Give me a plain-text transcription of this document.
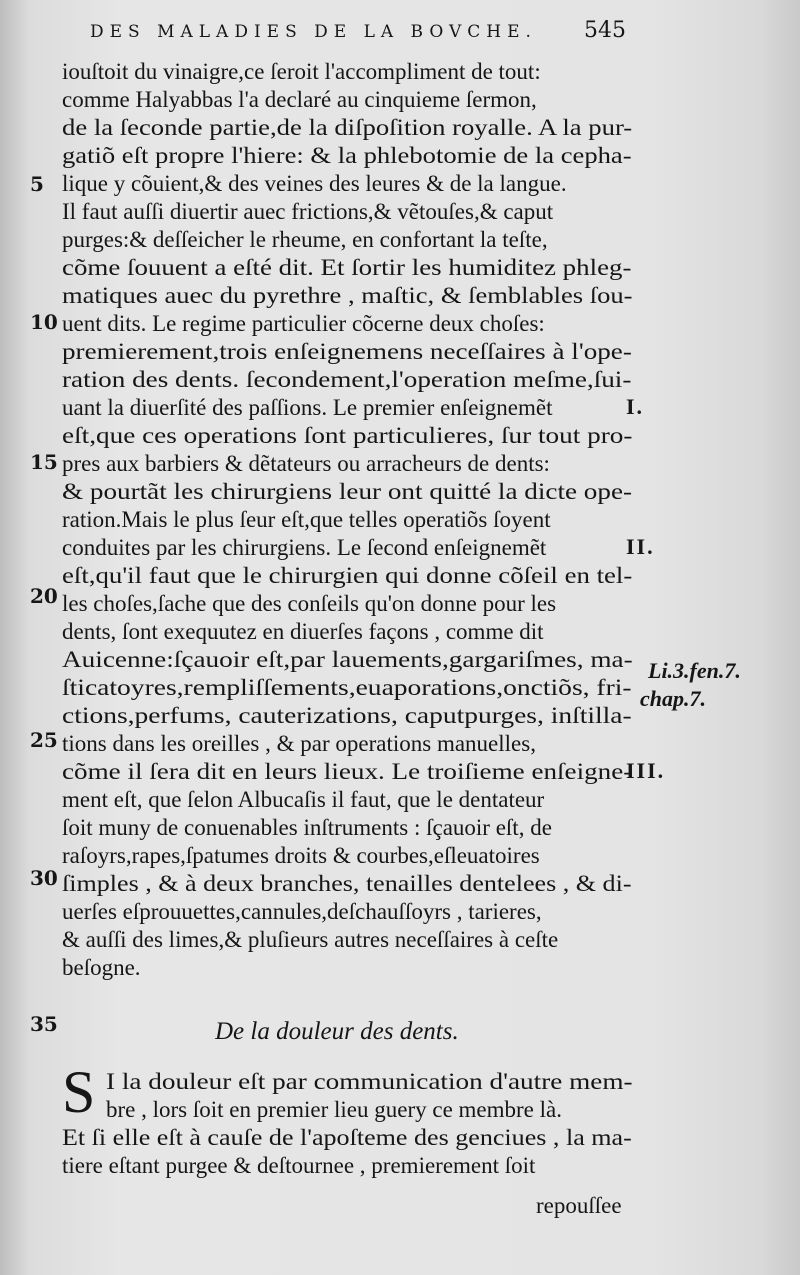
DES MALADIES DE LA BOVCHE.	545
iouſtoit du vinaigre,ce ſeroit l'accompliment de tout:
comme Halyabbas l'a declaré au cinquieme ſermon,
de la ſeconde partie,de la diſpoſition royalle. A la pur-
gatiõ eſt propre l'hiere: & la phlebotomie de la cepha-
lique y cõuient,& des veines des leures & de la langue.
Il faut auſſi diuertir auec frictions,& vẽtouſes,& caput
purges:& deſſeicher le rheume, en confortant la teſte,
cõme ſouuent a eſté dit. Et ſortir les humiditez phleg-
matiques auec du pyrethre , maſtic, & ſemblables ſou-
uent dits. Le regime particulier cõcerne deux choſes:
premierement,trois enſeignemens neceſſaires à l'ope-
ration des dents. ſecondement,l'operation meſme,ſui-
uant la diuerſité des paſſions. Le premier enſeignemẽt
eſt,que ces operations ſont particulieres, ſur tout pro-
pres aux barbiers & dẽtateurs ou arracheurs de dents:
& pourtãt les chirurgiens leur ont quitté la dicte ope-
ration.Mais le plus ſeur eſt,que telles operatiõs ſoyent
conduites par les chirurgiens. Le ſecond enſeignemẽt
eſt,qu'il faut que le chirurgien qui donne cõſeil en tel-
les choſes,ſache que des conſeils qu'on donne pour les
dents, ſont exequutez en diuerſes façons , comme dit
Auicenne:ſçauoir eſt,par lauements,gargariſmes, ma-
ſticatoyres,rempliſſements,euaporations,onctiõs, fri-
ctions,perfums, cauterizations, caputpurges, inſtilla-
tions dans les oreilles , & par operations manuelles,
cõme il ſera dit en leurs lieux. Le troiſieme enſeigne-
ment eſt, que ſelon Albucaſis il faut, que le dentateur
ſoit muny de conuenables inſtruments : ſçauoir eſt, de
raſoyrs,rapes,ſpatumes droits & courbes,eſleuatoires
ſimples , & à deux branches, tenailles dentelees , & di-
uerſes eſprouuettes,cannules,deſchauſſoyrs , tarieres,
& auſſi des limes,& pluſieurs autres neceſſaires à ceſte
beſogne.
5
10
15
20
25
30
35
I.
II.
III.
Li.3.fen.7.
chap.7.
De la douleur des dents.
S I la douleur eſt par communication d'autre mem-
bre , lors ſoit en premier lieu guery ce membre là.
Et ſi elle eſt à cauſe de l'apoſteme des genciues , la ma-
tiere eſtant purgee & deſtournee , premierement ſoit
repouſſee
